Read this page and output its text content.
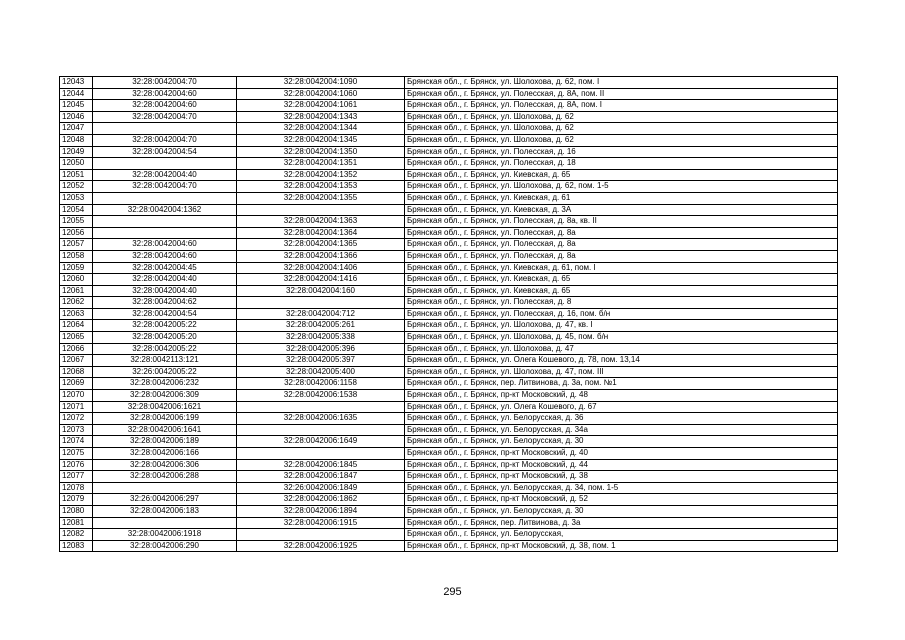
12043	32:28:0042004:70	32:28:0042004:1090	Брянская обл., г. Брянск, ул. Шолохова, д. 62, пом. I
12044	32:28:0042004:60	32:28:0042004:1060	Брянская обл., г. Брянск, ул. Полесская, д. 8А, пом. II
12045	32:28:0042004:60	32:28:0042004:1061	Брянская обл., г. Брянск, ул. Полесская, д. 8А, пом. I
12046	32:28:0042004:70	32:28:0042004:1343	Брянская обл., г. Брянск, ул. Шолохова, д. 62
12047		32:28:0042004:1344	Брянская обл., г. Брянск, ул. Шолохова, д. 62
12048	32:28:0042004:70	32:28:0042004:1345	Брянская обл., г. Брянск, ул. Шолохова, д. 62
12049	32:28:0042004:54	32:28:0042004:1350	Брянская обл., г. Брянск, ул. Полесская, д. 16
12050		32:28:0042004:1351	Брянская обл., г. Брянск, ул. Полесская, д. 18
12051	32:28:0042004:40	32:28:0042004:1352	Брянская обл., г. Брянск, ул. Киевская, д. 65
12052	32:28:0042004:70	32:28:0042004:1353	Брянская обл., г. Брянск, ул. Шолохова, д. 62, пом. 1-5
12053		32:28:0042004:1355	Брянская обл., г. Брянск, ул. Киевская, д. 61
12054	32:28:0042004:1362		Брянская обл., г. Брянск, ул. Киевская, д. 3А
12055		32:28:0042004:1363	Брянская обл., г. Брянск, ул. Полесская, д. 8а, кв. II
12056		32:28:0042004:1364	Брянская обл., г. Брянск, ул. Полесская, д. 8а
12057	32:28:0042004:60	32:28:0042004:1365	Брянская обл., г. Брянск, ул. Полесская, д. 8а
12058	32:28:0042004:60	32:28:0042004:1366	Брянская обл., г. Брянск, ул. Полесская, д. 8а
12059	32:28:0042004:45	32:28:0042004:1406	Брянская обл., г. Брянск, ул. Киевская, д. 61, пом. I
12060	32:28:0042004:40	32:28:0042004:1416	Брянская обл., г. Брянск, ул. Киевская, д. 65
12061	32:28:0042004:40	32:28:0042004:160	Брянская обл., г. Брянск, ул. Киевская, д. 65
12062	32:28:0042004:62		Брянская обл., г. Брянск, ул. Полесская, д. 8
12063	32:28:0042004:54	32:28:0042004:712	Брянская обл., г. Брянск, ул. Полесская, д. 16, пом. б/н
12064	32:28:0042005:22	32:28:0042005:261	Брянская обл., г. Брянск, ул. Шолохова, д. 47, кв. I
12065	32:28:0042005:20	32:28:0042005:338	Брянская обл., г. Брянск, ул. Шолохова, д. 45, пом. б/н
12066	32:28:0042005:22	32:28:0042005:396	Брянская обл., г. Брянск, ул. Шолохова, д. 47
12067	32:28:0042113:121	32:28:0042005:397	Брянская обл., г. Брянск, ул. Олега Кошевого, д. 78, пом. 13,14
12068	32:26:0042005:22	32:28:0042005:400	Брянская обл., г. Брянск, ул. Шолохова, д. 47, пом. III
12069	32:28:0042006:232	32:28:0042006:1158	Брянская обл., г. Брянск, пер. Литвинова, д. 3а, пом. №1
12070	32:28:0042006:309	32:28:0042006:1538	Брянская обл., г. Брянск, пр-кт Московский, д. 48
12071	32:28:0042006:1621		Брянская обл., г. Брянск, ул. Олега Кошевого, д. 67
12072	32:28:0042006:199	32:28:0042006:1635	Брянская обл., г. Брянск, ул. Белорусская, д. 36
12073	32:28:0042006:1641		Брянская обл., г. Брянск, ул. Белорусская, д. 34а
12074	32:28:0042006:189	32:28:0042006:1649	Брянская обл., г. Брянск, ул. Белорусская, д. 30
12075	32:28:0042006:166		Брянская обл., г. Брянск, пр-кт Московский, д. 40
12076	32:28:0042006:306	32:28:0042006:1845	Брянская обл., г. Брянск, пр-кт Московский, д. 44
12077	32:28:0042006:288	32:28:0042006:1847	Брянская обл., г. Брянск, пр-кт Московский, д. 38
12078		32:26:0042006:1849	Брянская обл., г. Брянск, ул. Белорусская, д. 34, пом. 1-5
12079	32:26:0042006:297	32:28:0042006:1862	Брянская обл., г. Брянск, пр-кт Московский, д. 52
12080	32:28:0042006:183	32:28:0042006:1894	Брянская обл., г. Брянск, ул. Белорусская, д. 30
12081		32:28:0042006:1915	Брянская обл., г. Брянск, пер. Литвинова, д. 3а
12082	32:28:0042006:1918		Брянская обл., г. Брянск, ул. Белорусская,
12083	32:28:0042006:290	32:28:0042006:1925	Брянская обл., г. Брянск, пр-кт Московский, д. 38, пом. 1
295
